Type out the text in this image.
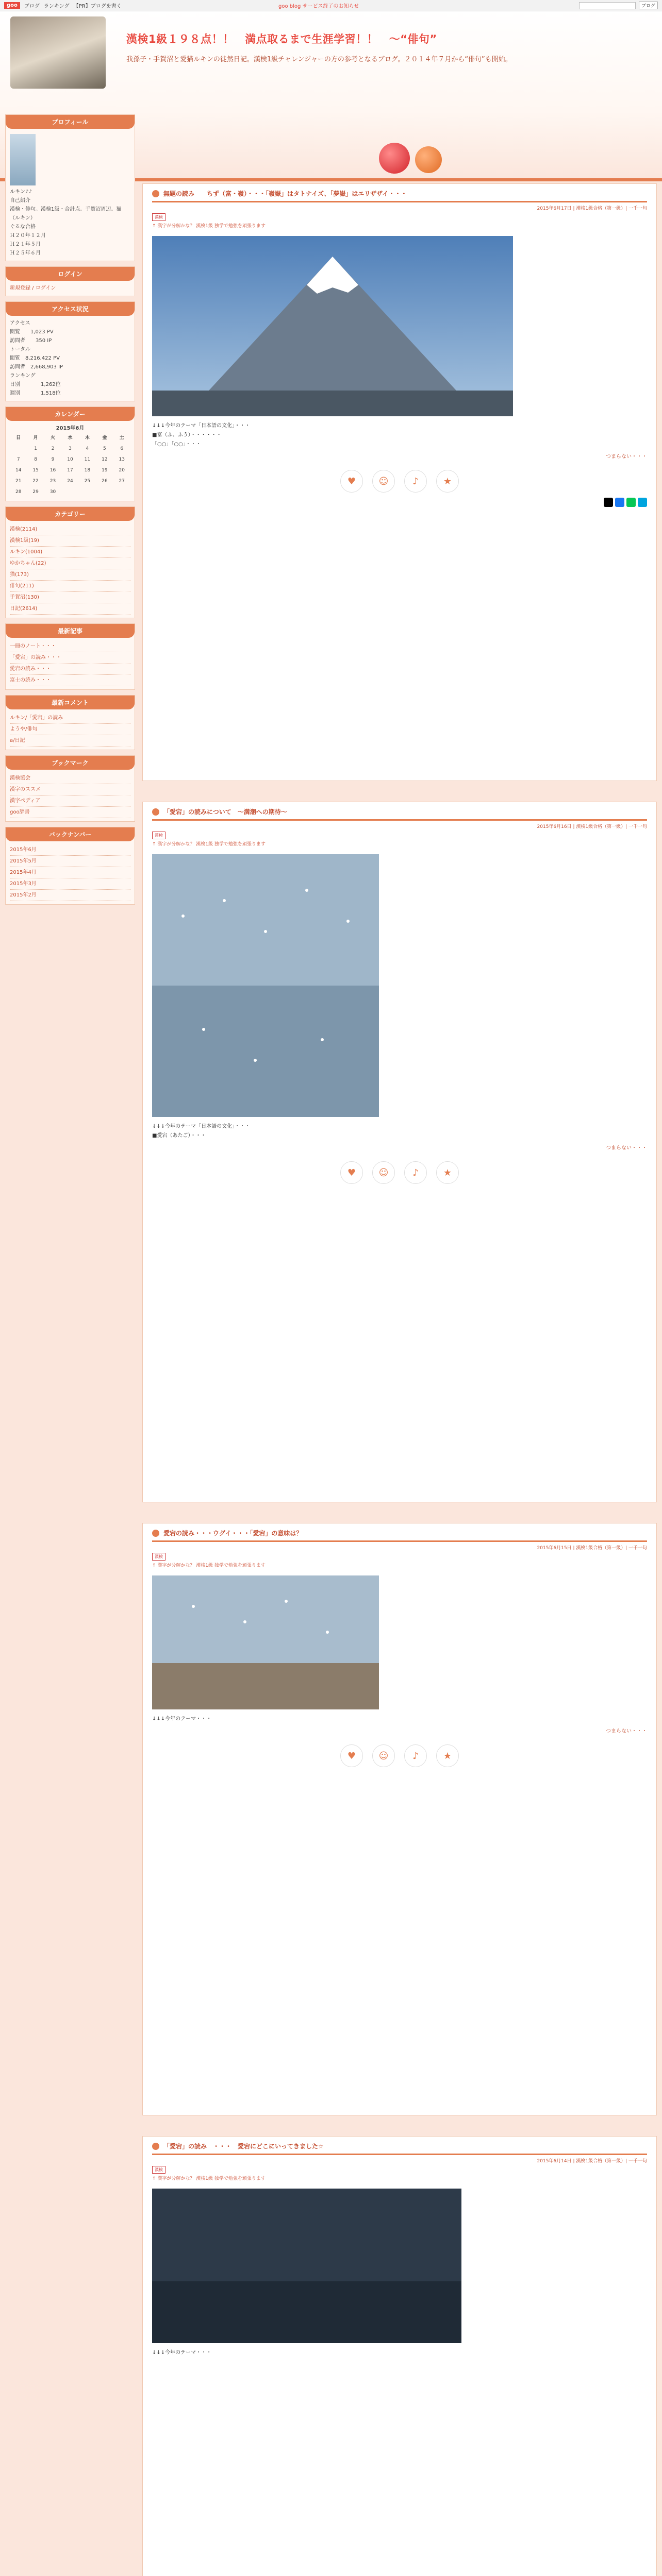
goo	ブログ ランキング 【PR】ブログを書く	goo blog サービス終了のお知らせ	ブログ
漢検1級１９８点！！　満点取るまで生涯学習！！　～“俳句”
我孫子・手賀沼と愛猫ルキンの徒然日記。漢検1級チャレンジャーの方の参考となるブログ。２０１４年７月から“俳句”も開始。
プロフィール
ルキン♪♪
自己紹介
漢検・俳句。漢検1級・合計点。手賀沼周辺。猫（ルキン）
ぐるな合格
Ｈ２０年１２月
Ｈ２１年５月
Ｈ２５年６月
ログイン
新規登録 / ログイン
アクセス状況
アクセス
閲覧　　1,023 PV
訪問者　　350 IP
トータル
閲覧　8,216,422 PV
訪問者　2,668,903 IP
ランキング
日別　　　　1,262位
週別　　　　1,518位
カレンダー
2015年6月
日	月	火	水	木	金	土
	1	2	3	4	5	6
7	8	9	10	11	12	13
14	15	16	17	18	19	20
21	22	23	24	25	26	27
28	29	30				
カテゴリー
漢検(2114)
漢検1級(19)
ルキン(1004)
ゆかちゃん(22)
猫(173)
俳句(211)
手賀沼(130)
日記(2614)
最新記事
一冊のノート・・・
「愛宕」の読み・・・
愛宕の読み・・・
富士の読み・・・
最新コメント
ルキン/「愛宕」の読み
ようや/俳句
a/日記
ブックマーク
漢検協会
漢字のススメ
漢字ぺディア
goo辞書
バックナンバー
2015年6月
2015年5月
2015年4月
2015年3月
2015年2月
無題の読み　　ちず（富・嶺）・・・「嶺嶽」はタトナイズ、「夢嶽」はエリザザイ・・・
2015年6月17日 | 漢検1級合格（第一級）| 一千一句
漢検
↑ 漢字が分解かな？ 漢検1級 独学で勉強を頑張ります

↓↓↓今年のテーマ「日本語の文化」・・・

■富（ふ、ふう）・・・・・・

「○○」「○○」・・・

つまらない・・・
♥	☺	♪	★
「愛宕」の読みについて　～満潮への期待～
2015年6月16日 | 漢検1級合格（第一級）| 一千一句
漢検
↑ 漢字が分解かな？ 漢検1級 独学で勉強を頑張ります

↓↓↓今年のテーマ「日本語の文化」・・・

■愛宕（あたご）・・・

つまらない・・・
♥	☺	♪	★
愛宕の読み・・・ウグイ・・・「愛宕」の意味は？
2015年6月15日 | 漢検1級合格（第一級）| 一千一句
漢検
↑ 漢字が分解かな？ 漢検1級 独学で勉強を頑張ります

↓↓↓今年のテーマ・・・

つまらない・・・
♥	☺	♪	★
「愛宕」の読み　・・・　愛宕にどこにいってきました☆
2015年6月14日 | 漢検1級合格（第一級）| 一千一句
漢検
↑ 漢字が分解かな？ 漢検1級 独学で勉強を頑張ります

↓↓↓今年のテーマ・・・
